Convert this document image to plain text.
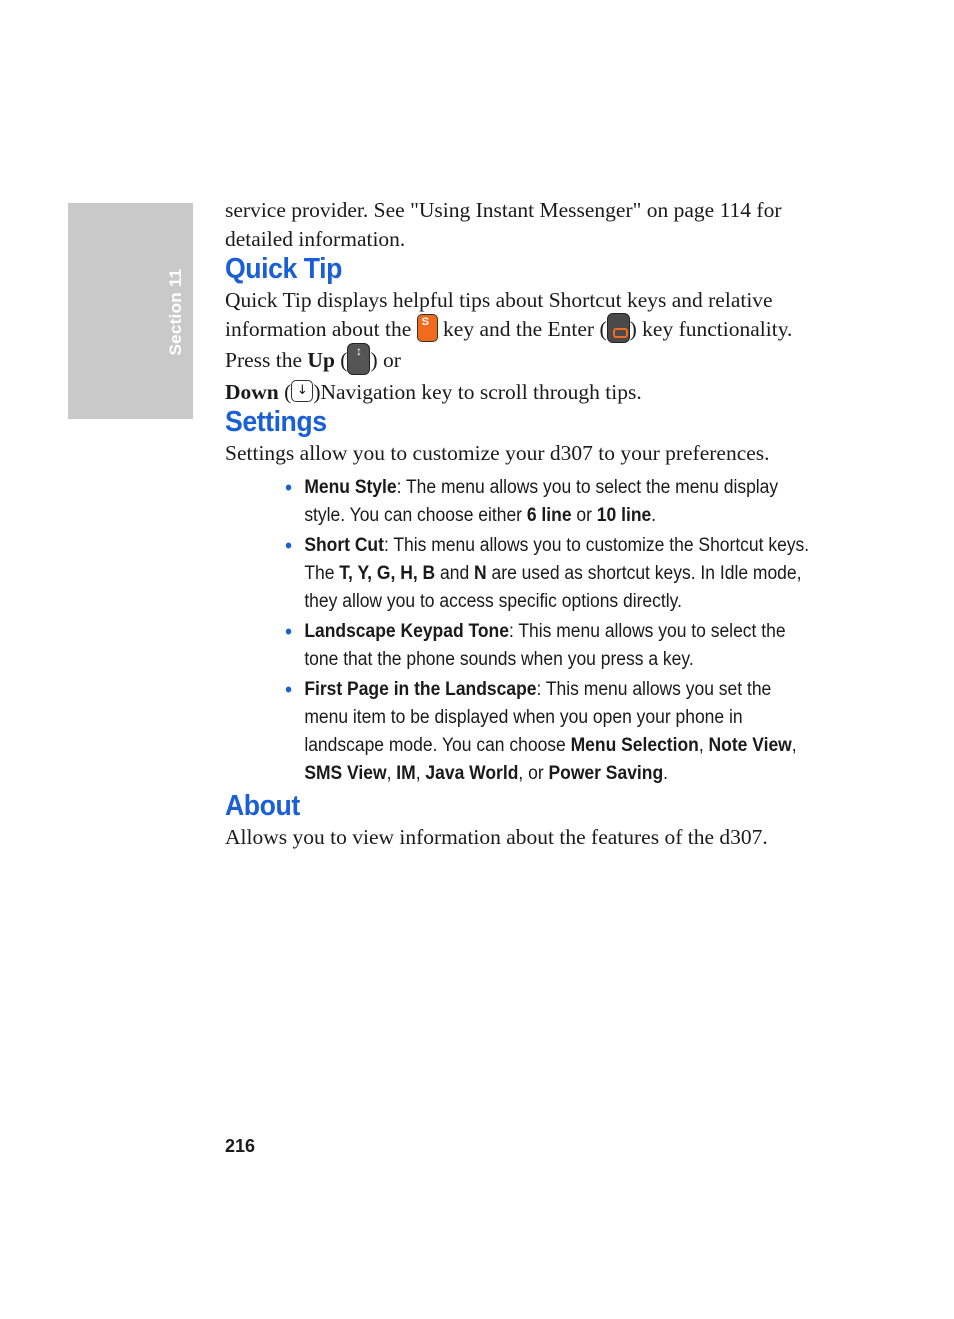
Section 11

service provider. See "Using Instant Messenger" on page 114 for detailed information.

Quick Tip

Quick Tip displays helpful tips about Shortcut keys and relative information about the S key and the Enter ( ) key functionality. Press the Up ( ↕ ) or
Down ( ↓ )Navigation key to scroll through tips.

Settings

Settings allow you to customize your d307 to your preferences.

• Menu Style: The menu allows you to select the menu display style. You can choose either 6 line or 10 line.
• Short Cut: This menu allows you to customize the Shortcut keys. The T, Y, G, H, B and N are used as shortcut keys. In Idle mode, they allow you to access specific options directly.
• Landscape Keypad Tone: This menu allows you to select the tone that the phone sounds when you press a key.
• First Page in the Landscape: This menu allows you set the menu item to be displayed when you open your phone in landscape mode. You can choose Menu Selection, Note View, SMS View, IM, Java World, or Power Saving.
About

Allows you to view information about the features of the d307.

216
